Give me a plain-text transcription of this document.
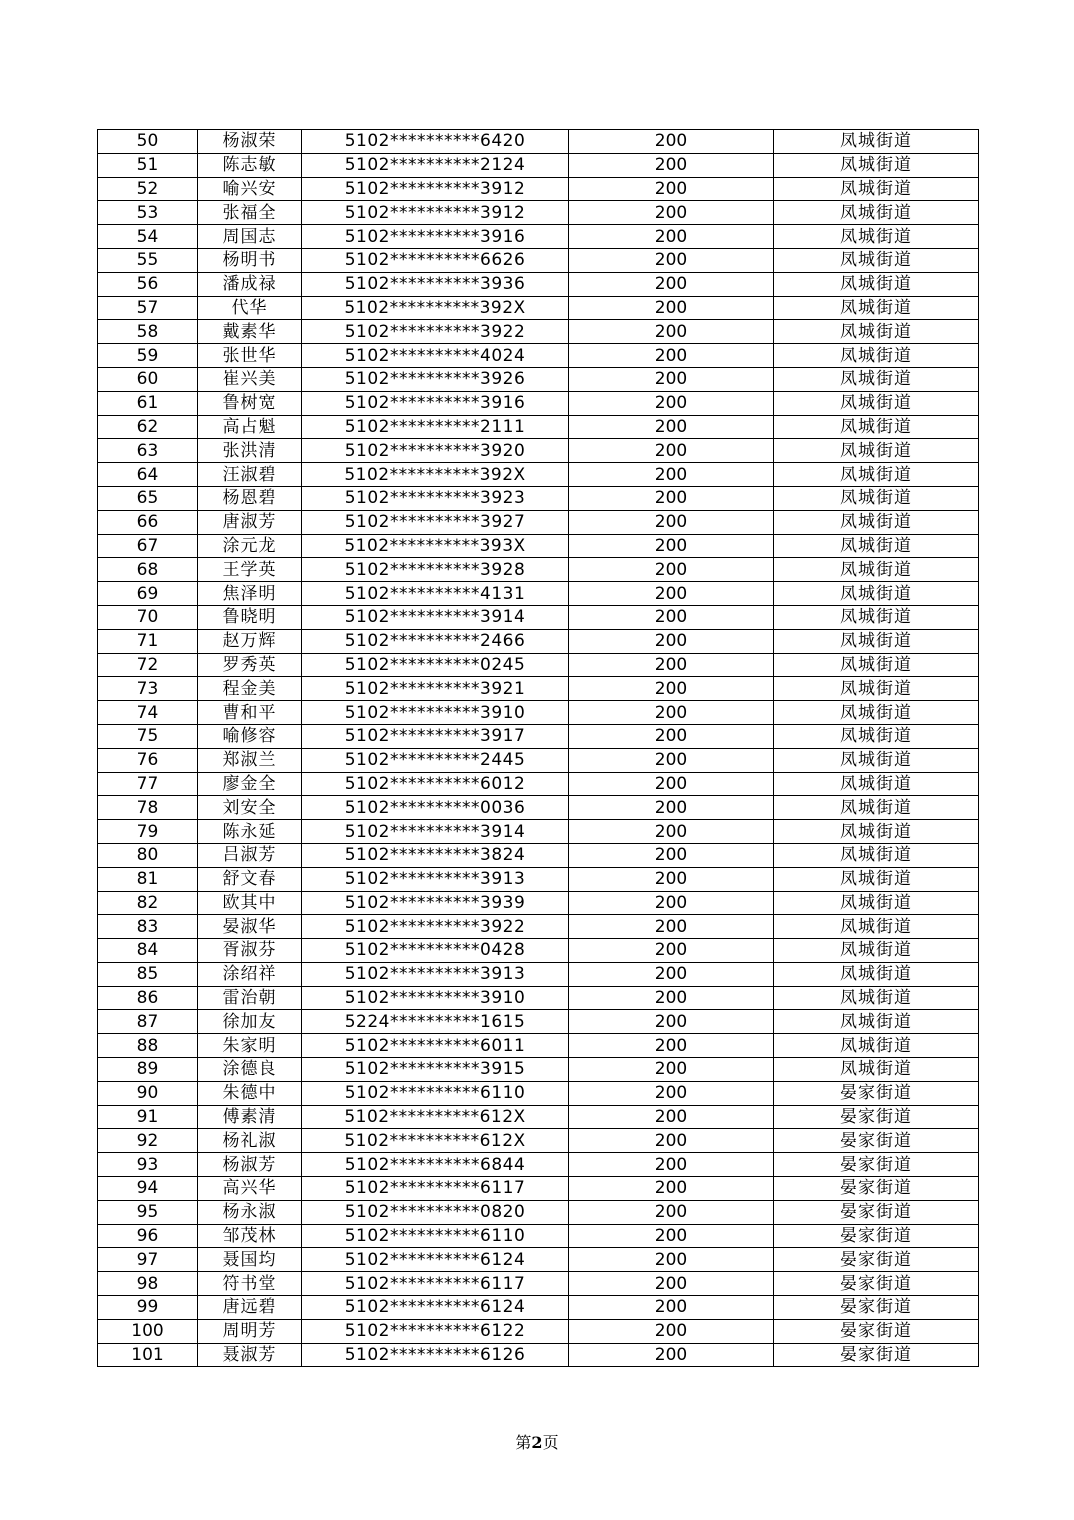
50	杨淑荣	5102**********6420	200	凤城街道
51	陈志敏	5102**********2124	200	凤城街道
52	喻兴安	5102**********3912	200	凤城街道
53	张福全	5102**********3912	200	凤城街道
54	周国志	5102**********3916	200	凤城街道
55	杨明书	5102**********6626	200	凤城街道
56	潘成禄	5102**********3936	200	凤城街道
57	代华	5102**********392X	200	凤城街道
58	戴素华	5102**********3922	200	凤城街道
59	张世华	5102**********4024	200	凤城街道
60	崔兴美	5102**********3926	200	凤城街道
61	鲁树宽	5102**********3916	200	凤城街道
62	高占魁	5102**********2111	200	凤城街道
63	张洪清	5102**********3920	200	凤城街道
64	汪淑碧	5102**********392X	200	凤城街道
65	杨恩碧	5102**********3923	200	凤城街道
66	唐淑芳	5102**********3927	200	凤城街道
67	涂元龙	5102**********393X	200	凤城街道
68	王学英	5102**********3928	200	凤城街道
69	焦泽明	5102**********4131	200	凤城街道
70	鲁晓明	5102**********3914	200	凤城街道
71	赵万辉	5102**********2466	200	凤城街道
72	罗秀英	5102**********0245	200	凤城街道
73	程金美	5102**********3921	200	凤城街道
74	曹和平	5102**********3910	200	凤城街道
75	喻修容	5102**********3917	200	凤城街道
76	郑淑兰	5102**********2445	200	凤城街道
77	廖金全	5102**********6012	200	凤城街道
78	刘安全	5102**********0036	200	凤城街道
79	陈永延	5102**********3914	200	凤城街道
80	吕淑芳	5102**********3824	200	凤城街道
81	舒文春	5102**********3913	200	凤城街道
82	欧其中	5102**********3939	200	凤城街道
83	晏淑华	5102**********3922	200	凤城街道
84	胥淑芬	5102**********0428	200	凤城街道
85	涂绍祥	5102**********3913	200	凤城街道
86	雷治朝	5102**********3910	200	凤城街道
87	徐加友	5224**********1615	200	凤城街道
88	朱家明	5102**********6011	200	凤城街道
89	涂德良	5102**********3915	200	凤城街道
90	朱德中	5102**********6110	200	晏家街道
91	傅素清	5102**********612X	200	晏家街道
92	杨礼淑	5102**********612X	200	晏家街道
93	杨淑芳	5102**********6844	200	晏家街道
94	高兴华	5102**********6117	200	晏家街道
95	杨永淑	5102**********0820	200	晏家街道
96	邹茂林	5102**********6110	200	晏家街道
97	聂国均	5102**********6124	200	晏家街道
98	符书堂	5102**********6117	200	晏家街道
99	唐远碧	5102**********6124	200	晏家街道
100	周明芳	5102**********6122	200	晏家街道
101	聂淑芳	5102**********6126	200	晏家街道
第2页
